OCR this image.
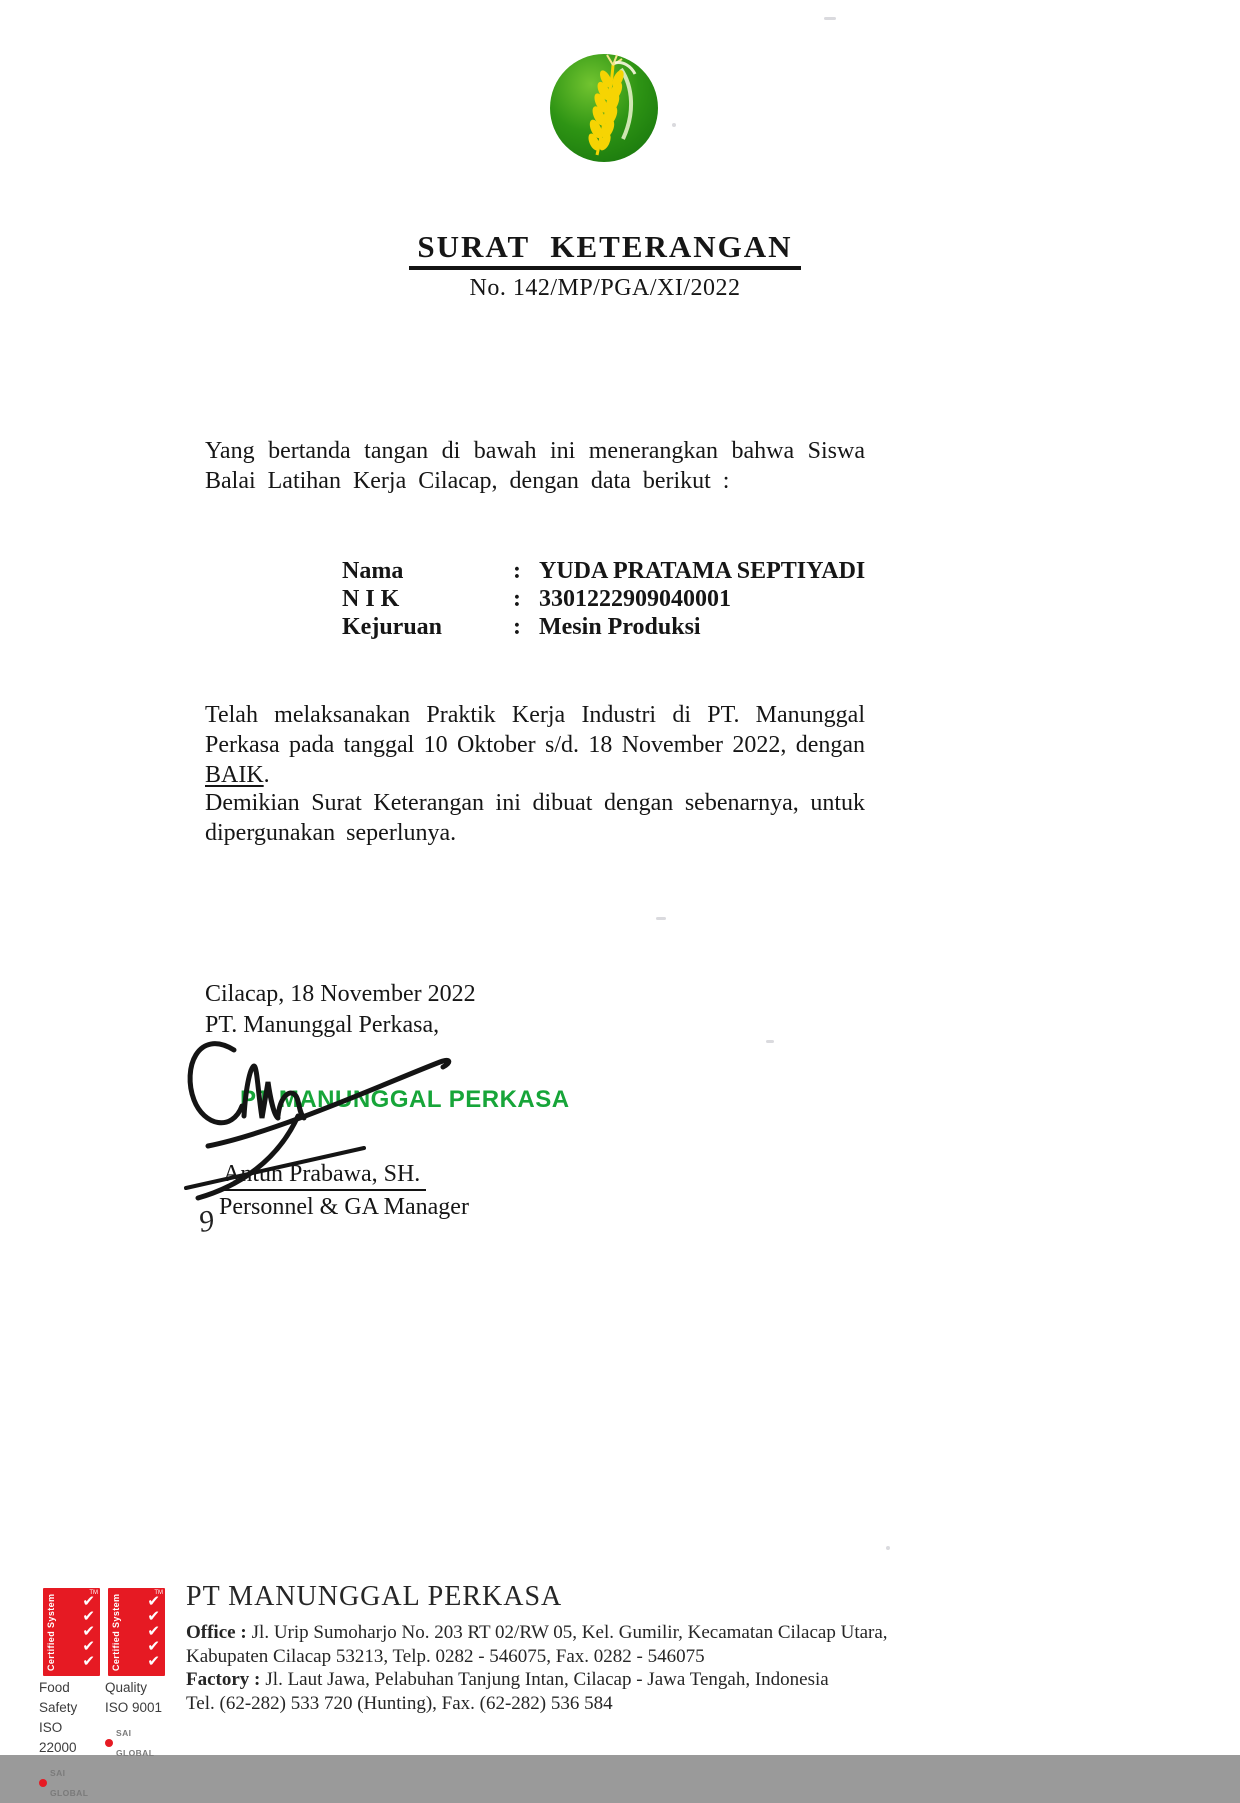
SURAT KETERANGAN
No. 142/MP/PGA/XI/2022
Yang bertanda tangan di bawah ini menerangkan bahwa Siswa Balai Latihan Kerja Cilacap, dengan data berikut :
Nama	: YUDA PRATAMA SEPTIYADI
N I K	: 3301222909040001
Kejuruan	: Mesin Produksi
Telah melaksanakan Praktik Kerja Industri di PT. Manunggal Perkasa pada tanggal 10 Oktober s/d. 18 November 2022, dengan BAIK.
Demikian Surat Keterangan ini dibuat dengan sebenarnya, untuk dipergunakan seperlunya.
Cilacap, 18 November 2022
PT. Manunggal Perkasa,
PT MANUNGGAL PERKASA
Antun Prabawa, SH.
Personnel & GA Manager
9
Certified System
TM
✔
✔
✔
✔
✔
Certified System
TM
✔
✔
✔
✔
✔
Food Safety
ISO 22000
SAI GLOBAL
Quality
ISO 9001
SAI GLOBAL
PT MANUNGGAL PERKASA
Office : Jl. Urip Sumoharjo No. 203 RT 02/RW 05, Kel. Gumilir, Kecamatan Cilacap Utara,
Kabupaten Cilacap 53213, Telp. 0282 - 546075, Fax. 0282 - 546075
Factory : Jl. Laut Jawa, Pelabuhan Tanjung Intan, Cilacap - Jawa Tengah, Indonesia
Tel. (62-282) 533 720 (Hunting), Fax. (62-282) 536 584
